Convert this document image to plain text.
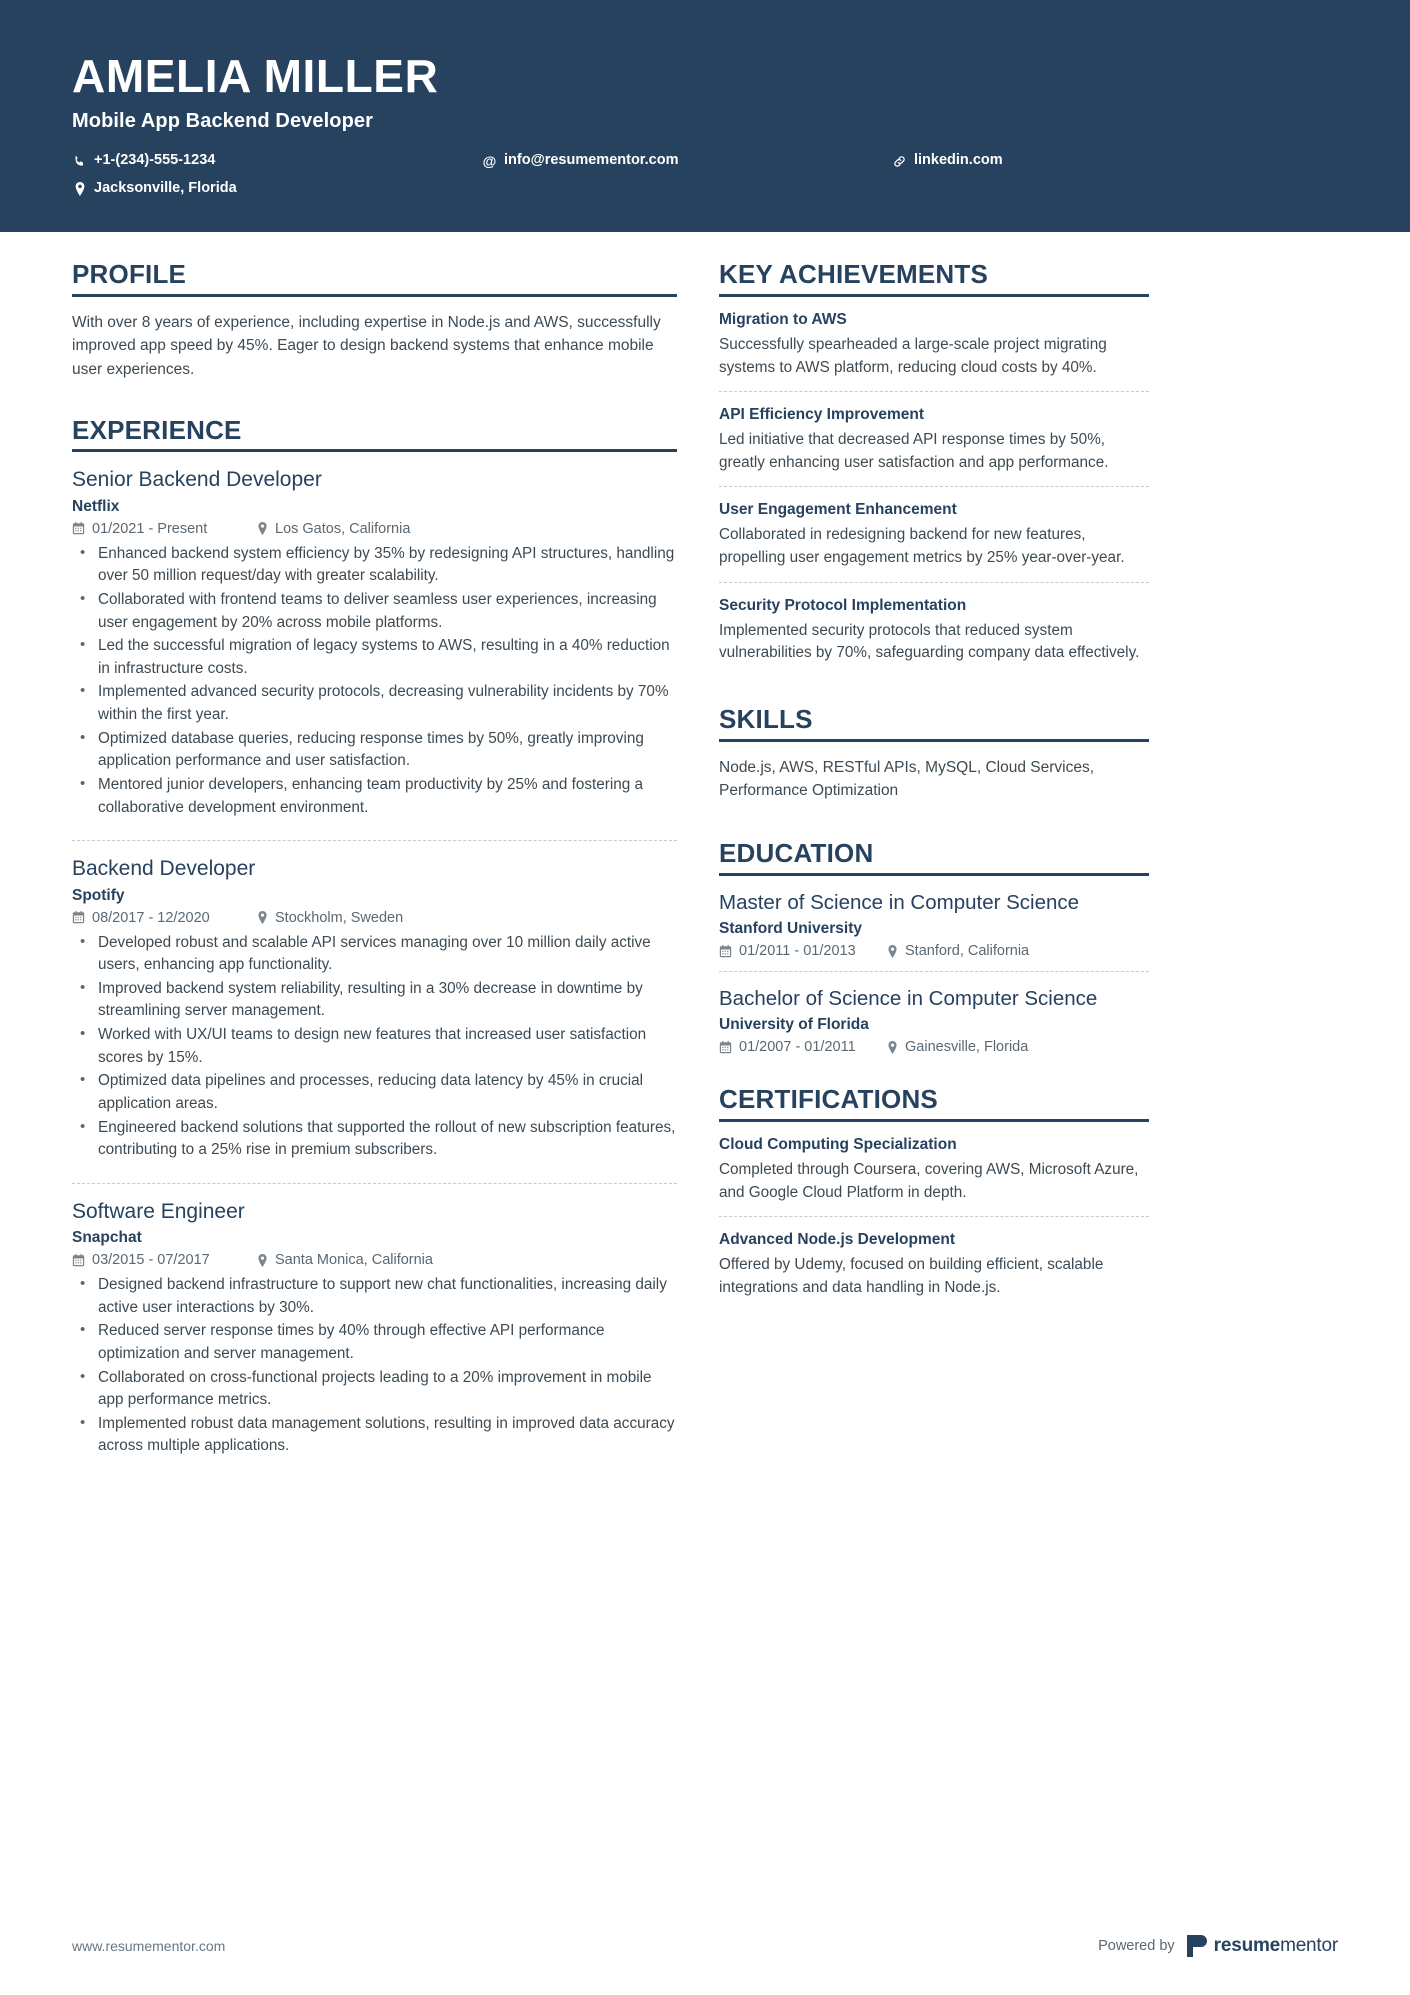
AMELIA MILLER
Mobile App Backend Developer
+1-(234)-555-1234	@ info@resumementor.com	linkedin.com
Jacksonville, Florida
PROFILE
With over 8 years of experience, including expertise in Node.js and AWS, successfully improved app speed by 45%. Eager to design backend systems that enhance mobile user experiences.
EXPERIENCE
Senior Backend Developer
Netflix
01/2021 - Present	Los Gatos, California
• Enhanced backend system efficiency by 35% by redesigning API structures, handling over 50 million request/day with greater scalability.
• Collaborated with frontend teams to deliver seamless user experiences, increasing user engagement by 20% across mobile platforms.
• Led the successful migration of legacy systems to AWS, resulting in a 40% reduction in infrastructure costs.
• Implemented advanced security protocols, decreasing vulnerability incidents by 70% within the first year.
• Optimized database queries, reducing response times by 50%, greatly improving application performance and user satisfaction.
• Mentored junior developers, enhancing team productivity by 25% and fostering a collaborative development environment.
Backend Developer
Spotify
08/2017 - 12/2020	Stockholm, Sweden
• Developed robust and scalable API services managing over 10 million daily active users, enhancing app functionality.
• Improved backend system reliability, resulting in a 30% decrease in downtime by streamlining server management.
• Worked with UX/UI teams to design new features that increased user satisfaction scores by 15%.
• Optimized data pipelines and processes, reducing data latency by 45% in crucial application areas.
• Engineered backend solutions that supported the rollout of new subscription features, contributing to a 25% rise in premium subscribers.
Software Engineer
Snapchat
03/2015 - 07/2017	Santa Monica, California
• Designed backend infrastructure to support new chat functionalities, increasing daily active user interactions by 30%.
• Reduced server response times by 40% through effective API performance optimization and server management.
• Collaborated on cross-functional projects leading to a 20% improvement in mobile app performance metrics.
• Implemented robust data management solutions, resulting in improved data accuracy across multiple applications.
KEY ACHIEVEMENTS
Migration to AWS
Successfully spearheaded a large-scale project migrating systems to AWS platform, reducing cloud costs by 40%.
API Efficiency Improvement
Led initiative that decreased API response times by 50%, greatly enhancing user satisfaction and app performance.
User Engagement Enhancement
Collaborated in redesigning backend for new features, propelling user engagement metrics by 25% year-over-year.
Security Protocol Implementation
Implemented security protocols that reduced system vulnerabilities by 70%, safeguarding company data effectively.
SKILLS
Node.js, AWS, RESTful APIs, MySQL, Cloud Services, Performance Optimization
EDUCATION
Master of Science in Computer Science
Stanford University
01/2011 - 01/2013	Stanford, California
Bachelor of Science in Computer Science
University of Florida
01/2007 - 01/2011	Gainesville, Florida
CERTIFICATIONS
Cloud Computing Specialization
Completed through Coursera, covering AWS, Microsoft Azure, and Google Cloud Platform in depth.
Advanced Node.js Development
Offered by Udemy, focused on building efficient, scalable integrations and data handling in Node.js.
www.resumementor.com	Powered by resumementor
